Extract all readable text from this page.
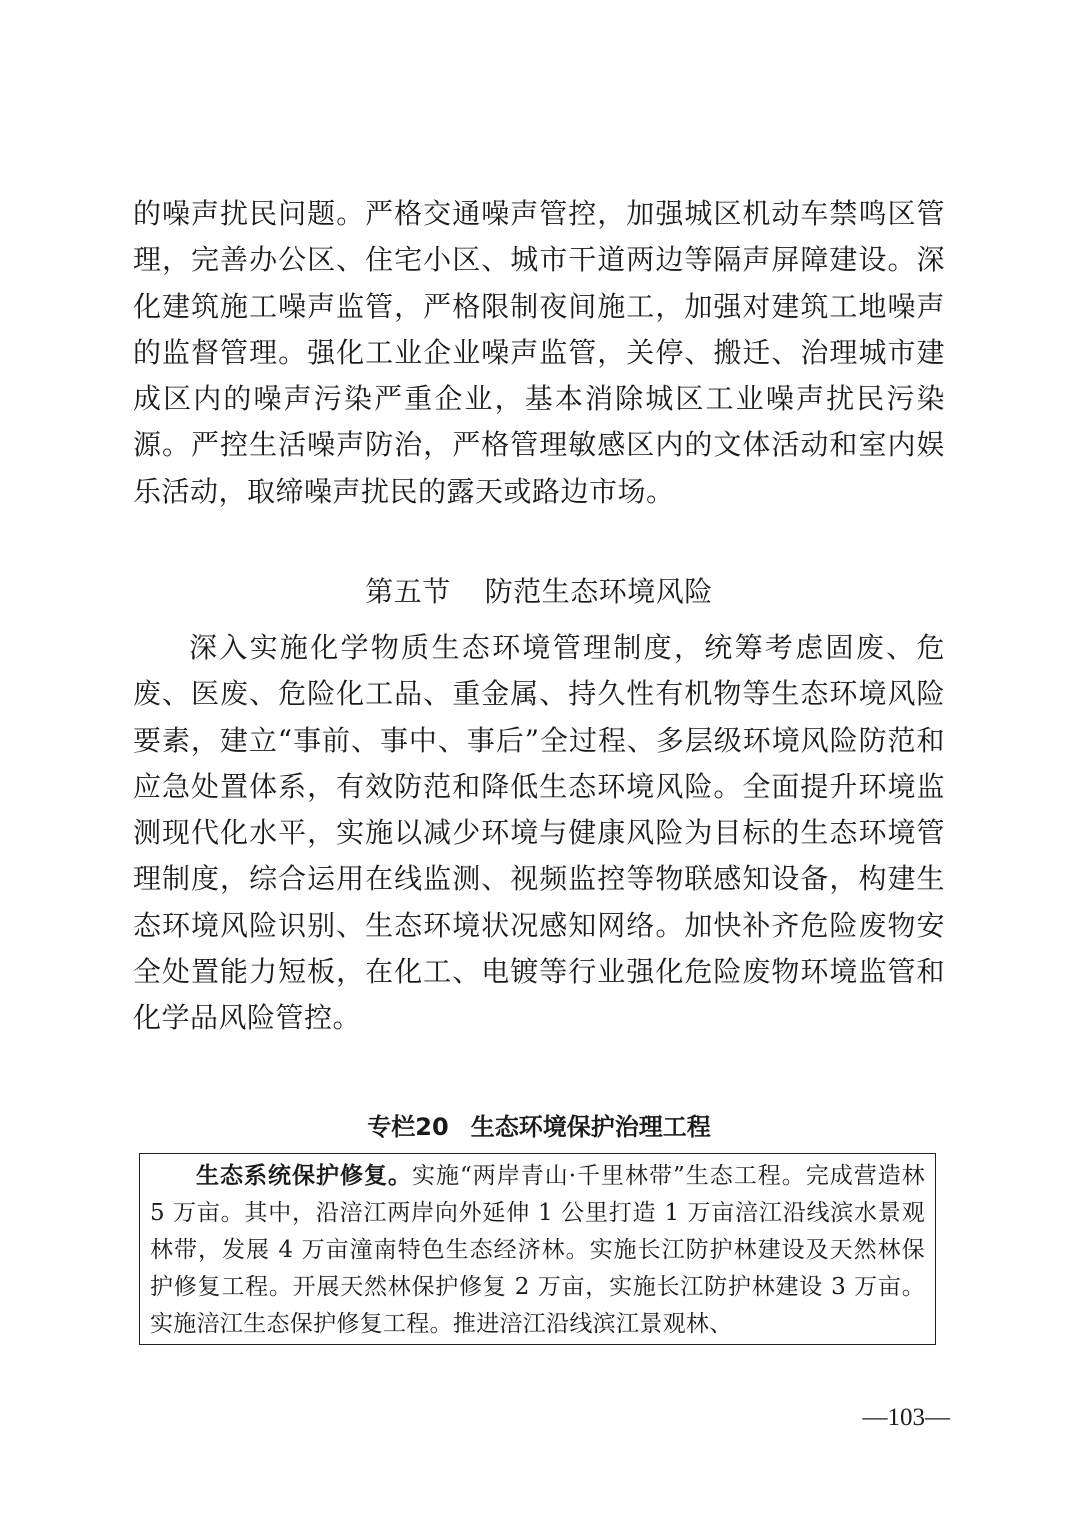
的噪声扰民问题。严格交通噪声管控，加强城区机动车禁鸣区管理，完善办公区、住宅小区、城市干道两边等隔声屏障建设。深化建筑施工噪声监管，严格限制夜间施工，加强对建筑工地噪声的监督管理。强化工业企业噪声监管，关停、搬迁、治理城市建成区内的噪声污染严重企业，基本消除城区工业噪声扰民污染源。严控生活噪声防治，严格管理敏感区内的文体活动和室内娱乐活动，取缔噪声扰民的露天或路边市场。

第五节 防范生态环境风险

深入实施化学物质生态环境管理制度，统筹考虑固废、危废、医废、危险化工品、重金属、持久性有机物等生态环境风险要素，建立“事前、事中、事后”全过程、多层级环境风险防范和应急处置体系，有效防范和降低生态环境风险。全面提升环境监测现代化水平，实施以减少环境与健康风险为目标的生态环境管理制度，综合运用在线监测、视频监控等物联感知设备，构建生态环境风险识别、生态环境状况感知网络。加快补齐危险废物安全处置能力短板，在化工、电镀等行业强化危险废物环境监管和化学品风险管控。

专栏20 生态环境保护治理工程

生态系统保护修复。实施“两岸青山·千里林带”生态工程。完成营造林 5 万亩。其中，沿涪江两岸向外延伸 1 公里打造 1 万亩涪江沿线滨水景观林带，发展 4 万亩潼南特色生态经济林。实施长江防护林建设及天然林保护修复工程。开展天然林保护修复 2 万亩，实施长江防护林建设 3 万亩。实施涪江生态保护修复工程。推进涪江沿线滨江景观林、

—103—
